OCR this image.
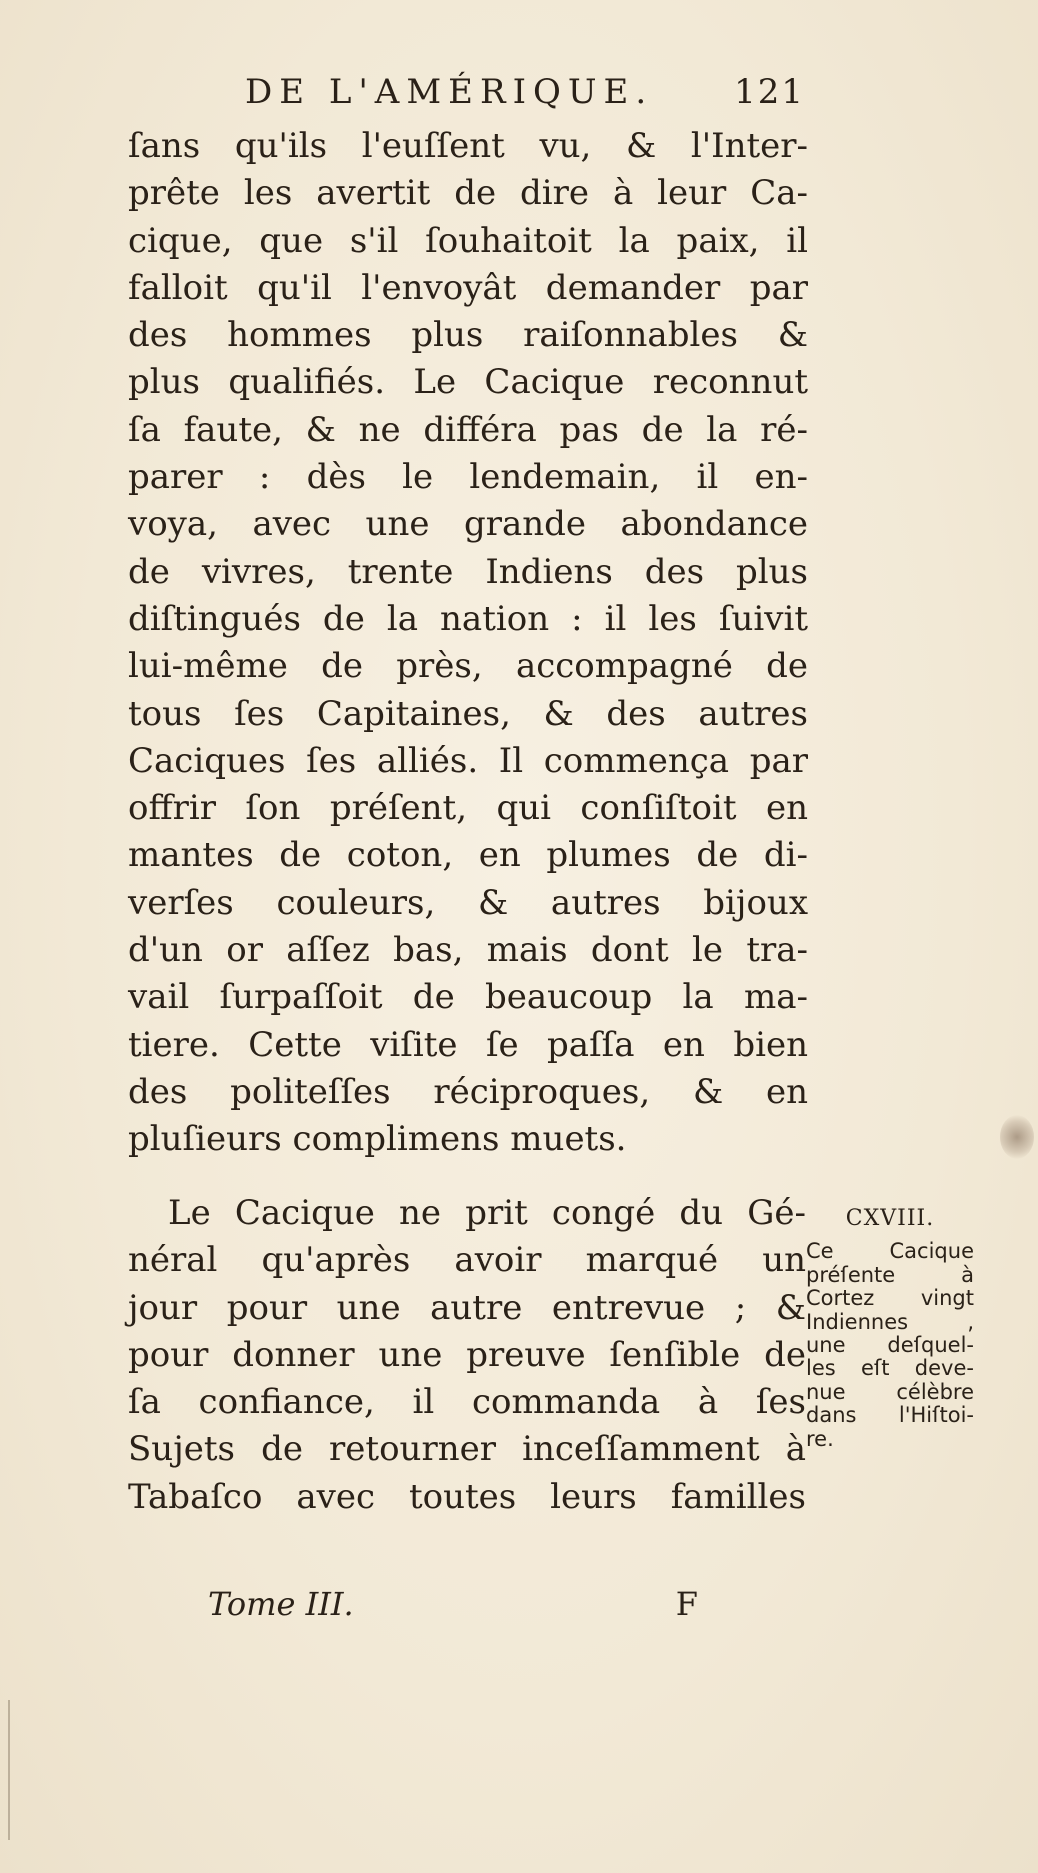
DE L'AMÉRIQUE. 121
ſans qu'ils l'euſſent vu, & l'Inter-
prête les avertit de dire à leur Ca-
cique, que s'il ſouhaitoit la paix, il
falloit qu'il l'envoyât demander par
des hommes plus raiſonnables &
plus qualifiés. Le Cacique reconnut
ſa faute, & ne différa pas de la ré-
parer : dès le lendemain, il en-
voya, avec une grande abondance
de vivres, trente Indiens des plus
diſtingués de la nation : il les ſuivit
lui-même de près, accompagné de
tous ſes Capitaines, & des autres
Caciques ſes alliés. Il commença par
offrir ſon préſent, qui conſiſtoit en
mantes de coton, en plumes de di-
verſes couleurs, & autres bijoux
d'un or aſſez bas, mais dont le tra-
vail ſurpaſſoit de beaucoup la ma-
tiere. Cette viſite ſe paſſa en bien
des politeſſes réciproques, & en
pluſieurs complimens muets.
Le Cacique ne prit congé du Gé-
néral qu'après avoir marqué un
jour pour une autre entrevue ; &
pour donner une preuve ſenſible de
ſa confiance, il commanda à ſes
Sujets de retourner inceſſamment à
Tabaſco avec toutes leurs familles
CXVIII.
Ce Cacique
préſente à
Cortez vingt
Indiennes ,
une deſquel-
les eſt deve-
nue célèbre
dans l'Hiſtoi-
re.
Tome III.	F
